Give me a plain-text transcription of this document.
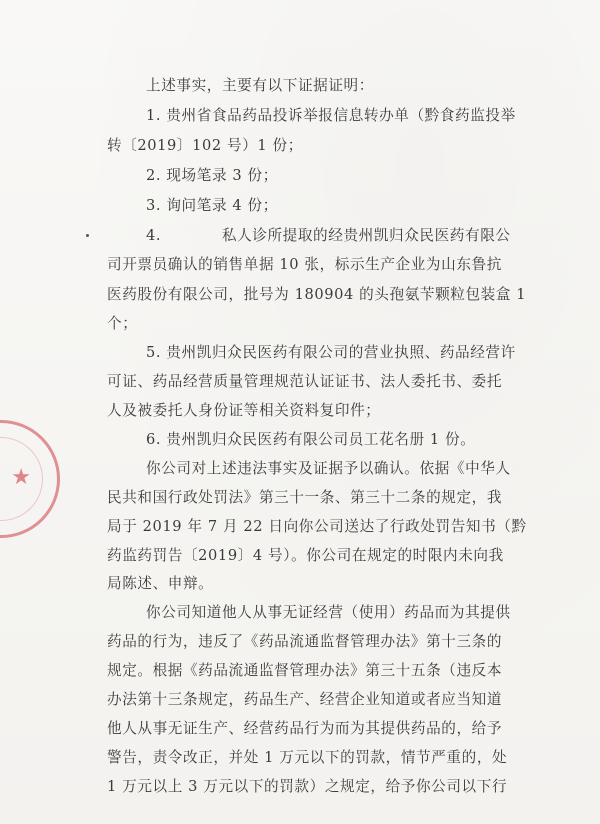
★
上述事实，主要有以下证据证明：
1. 贵州省食品药品投诉举报信息转办单（黔食药监投举
转〔2019〕102 号）1 份；
2. 现场笔录 3 份；
3. 询问笔录 4 份；
4.　　　　私人诊所提取的经贵州凯归众民医药有限公
司开票员确认的销售单据 10 张，标示生产企业为山东鲁抗
医药股份有限公司，批号为 180904 的头孢氨苄颗粒包装盒 1
个；
5. 贵州凯归众民医药有限公司的营业执照、药品经营许
可证、药品经营质量管理规范认证证书、法人委托书、委托
人及被委托人身份证等相关资料复印件；
6. 贵州凯归众民医药有限公司员工花名册 1 份。
你公司对上述违法事实及证据予以确认。依据《中华人
民共和国行政处罚法》第三十一条、第三十二条的规定，我
局于 2019 年 7 月 22 日向你公司送达了行政处罚告知书（黔
药监药罚告〔2019〕4 号）。你公司在规定的时限内未向我
局陈述、申辩。
你公司知道他人从事无证经营（使用）药品而为其提供
药品的行为，违反了《药品流通监督管理办法》第十三条的
规定。根据《药品流通监督管理办法》第三十五条（违反本
办法第十三条规定，药品生产、经营企业知道或者应当知道
他人从事无证生产、经营药品行为而为其提供药品的，给予
警告，责令改正，并处 1 万元以下的罚款，情节严重的，处
1 万元以上 3 万元以下的罚款）之规定，给予你公司以下行
